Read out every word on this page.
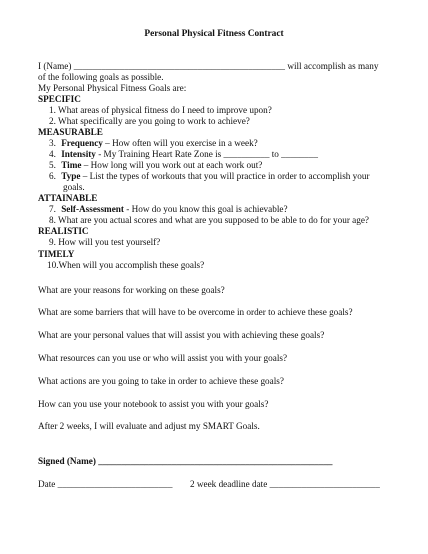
Personal Physical Fitness Contract
I (Name) ______________________________________________ will accomplish as many
of the following goals as possible.
My Personal Physical Fitness Goals are:
SPECIFIC
1. What areas of physical fitness do I need to improve upon?
2. What specifically are you going to work to achieve?
MEASURABLE
3. Frequency – How often will you exercise in a week?
4. Intensity - My Training Heart Rate Zone is __________ to ________
5. Time – How long will you work out at each work out?
6. Type – List the types of workouts that you will practice in order to accomplish your
goals.
ATTAINABLE
7. Self-Assessment - How do you know this goal is achievable?
8. What are you actual scores and what are you supposed to be able to do for your age?
REALISTIC
9. How will you test yourself?
TIMELY
10.When will you accomplish these goals?
What are your reasons for working on these goals?
What are some barriers that will have to be overcome in order to achieve these goals?
What are your personal values that will assist you with achieving these goals?
What resources can you use or who will assist you with your goals?
What actions are you going to take in order to achieve these goals?
How can you use your notebook to assist you with your goals?
After 2 weeks, I will evaluate and adjust my SMART Goals.
Signed (Name) ___________________________________________________
Date _________________________ 2 week deadline date ________________________
